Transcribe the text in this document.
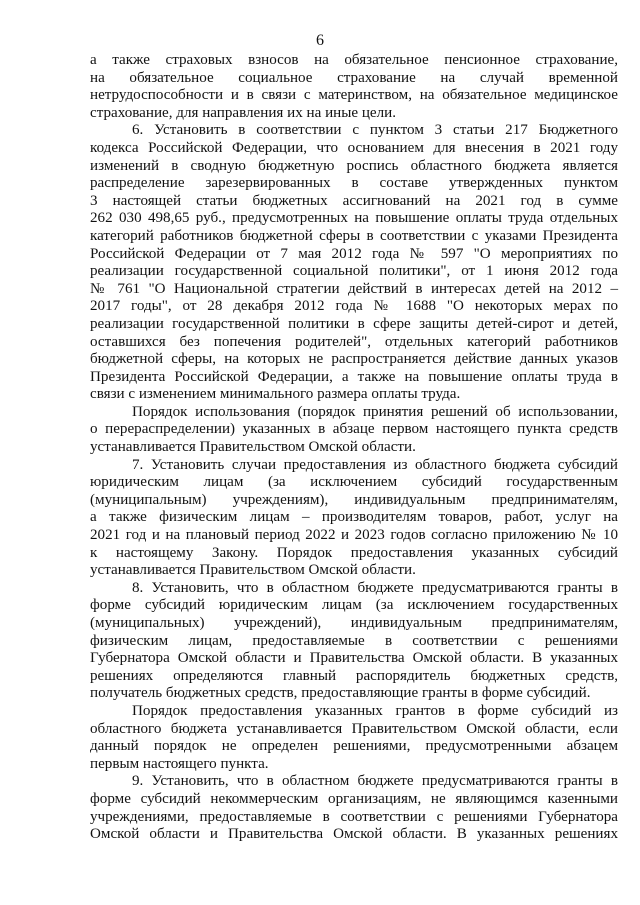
6
а также страховых взносов на обязательное пенсионное страхование,
на обязательное социальное страхование на случай временной
нетрудоспособности и в связи с материнством, на обязательное медицинское
страхование, для направления их на иные цели.
6. Установить в соответствии с пунктом 3 статьи 217 Бюджетного
кодекса Российской Федерации, что основанием для внесения в 2021 году
изменений в сводную бюджетную роспись областного бюджета является
распределение зарезервированных в составе утвержденных пунктом
3 настоящей статьи бюджетных ассигнований на 2021 год в сумме
262 030 498,65 руб., предусмотренных на повышение оплаты труда отдельных
категорий работников бюджетной сферы в соответствии с указами Президента
Российской Федерации от 7 мая 2012 года № 597 "О мероприятиях по
реализации государственной социальной политики", от 1 июня 2012 года
№ 761 "О Национальной стратегии действий в интересах детей на 2012 –
2017 годы", от 28 декабря 2012 года № 1688 "О некоторых мерах по
реализации государственной политики в сфере защиты детей-сирот и детей,
оставшихся без попечения родителей", отдельных категорий работников
бюджетной сферы, на которых не распространяется действие данных указов
Президента Российской Федерации, а также на повышение оплаты труда в
связи с изменением минимального размера оплаты труда.
Порядок использования (порядок принятия решений об использовании,
о перераспределении) указанных в абзаце первом настоящего пункта средств
устанавливается Правительством Омской области.
7. Установить случаи предоставления из областного бюджета субсидий
юридическим лицам (за исключением субсидий государственным
(муниципальным) учреждениям), индивидуальным предпринимателям,
а также физическим лицам – производителям товаров, работ, услуг на
2021 год и на плановый период 2022 и 2023 годов согласно приложению № 10
к настоящему Закону. Порядок предоставления указанных субсидий
устанавливается Правительством Омской области.
8. Установить, что в областном бюджете предусматриваются гранты в
форме субсидий юридическим лицам (за исключением государственных
(муниципальных) учреждений), индивидуальным предпринимателям,
физическим лицам, предоставляемые в соответствии с решениями
Губернатора Омской области и Правительства Омской области. В указанных
решениях определяются главный распорядитель бюджетных средств,
получатель бюджетных средств, предоставляющие гранты в форме субсидий.
Порядок предоставления указанных грантов в форме субсидий из
областного бюджета устанавливается Правительством Омской области, если
данный порядок не определен решениями, предусмотренными абзацем
первым настоящего пункта.
9. Установить, что в областном бюджете предусматриваются гранты в
форме субсидий некоммерческим организациям, не являющимся казенными
учреждениями, предоставляемые в соответствии с решениями Губернатора
Омской области и Правительства Омской области. В указанных решениях
